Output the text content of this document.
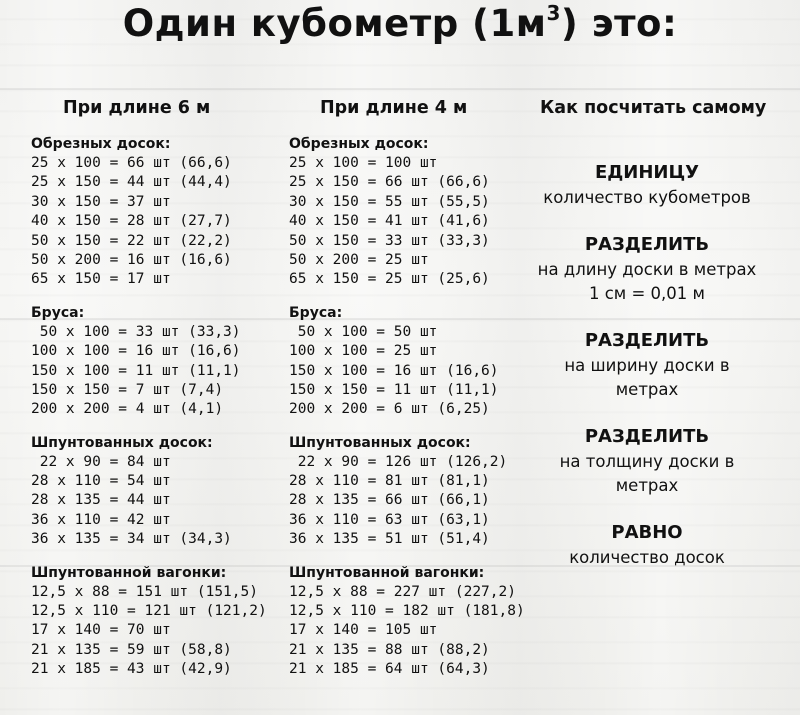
Один кубометр $(1м^3)$ это:
При длине 6 м	При длине 4 м	Как посчитать самому
Обрезных досок:
25 х 100 = 66 шт (66,6)
25 х 150 = 44 шт (44,4)
30 х 150 = 37 шт
40 х 150 = 28 шт (27,7)
50 х 150 = 22 шт (22,2)
50 х 200 = 16 шт (16,6)
65 х 150 = 17 шт
Бруса:
50 х 100 = 33 шт (33,3)
100 х 100 = 16 шт (16,6)
150 х 100 = 11 шт (11,1)
150 х 150 = 7 шт (7,4)
200 х 200 = 4 шт (4,1)
Шпунтованных досок:
22 х 90 = 84 шт
28 х 110 = 54 шт
28 х 135 = 44 шт
36 х 110 = 42 шт
36 х 135 = 34 шт (34,3)
Шпунтованной вагонки:
12,5 х 88 = 151 шт (151,5)
12,5 х 110 = 121 шт (121,2)
17 х 140 = 70 шт
21 х 135 = 59 шт (58,8)
21 х 185 = 43 шт (42,9)
Обрезных досок:
25 х 100 = 100 шт
25 х 150 = 66 шт (66,6)
30 х 150 = 55 шт (55,5)
40 х 150 = 41 шт (41,6)
50 х 150 = 33 шт (33,3)
50 х 200 = 25 шт
65 х 150 = 25 шт (25,6)
Бруса:
50 х 100 = 50 шт
100 х 100 = 25 шт
150 х 100 = 16 шт (16,6)
150 х 150 = 11 шт (11,1)
200 х 200 = 6 шт (6,25)
Шпунтованных досок:
22 х 90 = 126 шт (126,2)
28 х 110 = 81 шт (81,1)
28 х 135 = 66 шт (66,1)
36 х 110 = 63 шт (63,1)
36 х 135 = 51 шт (51,4)
Шпунтованной вагонки:
12,5 х 88 = 227 шт (227,2)
12,5 х 110 = 182 шт (181,8)
17 х 140 = 105 шт
21 х 135 = 88 шт (88,2)
21 х 185 = 64 шт (64,3)
ЕДИНИЦУ
количество кубометров
РАЗДЕЛИТЬ
на длину доски в метрах
1 см = 0,01 м
РАЗДЕЛИТЬ
на ширину доски в
метрах
РАЗДЕЛИТЬ
на толщину доски в
метрах
РАВНО
количество досок
